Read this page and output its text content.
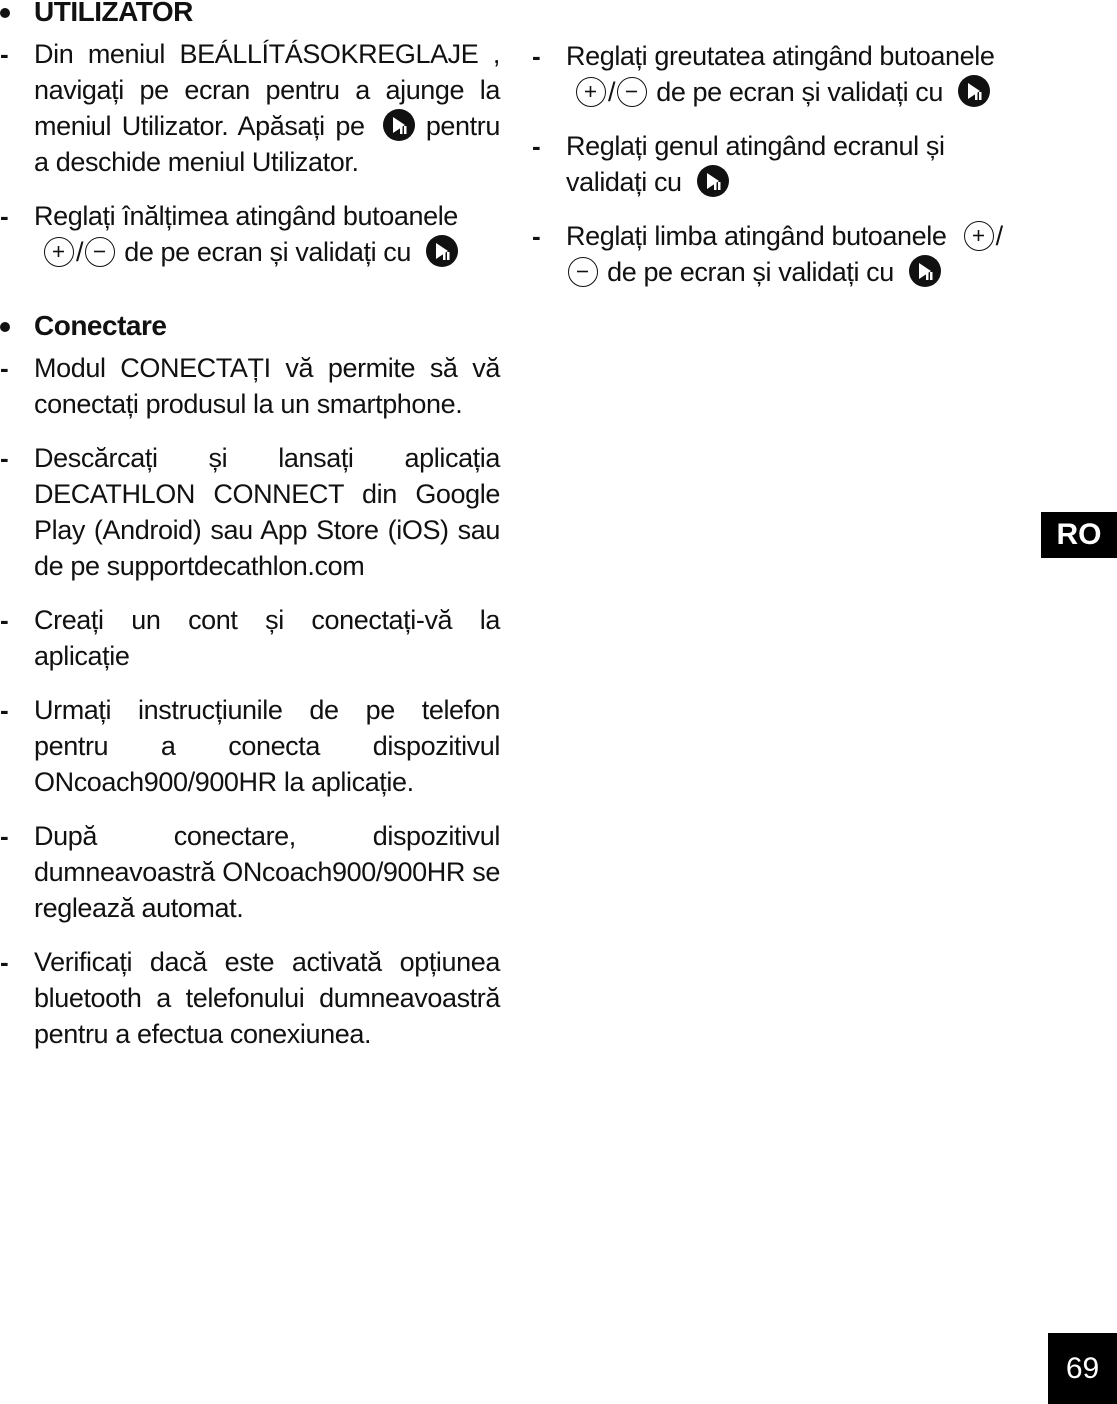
UTILIZATOR
- Din meniul BEÁLLÍTÁSOKREGLAJE , navigați pe ecran pentru a ajunge la meniul Utilizator. Apăsați pe pentru a deschide meniul Utilizator.
- Reglați înălțimea atingând butoanele
/ de pe ecran și validați cu
Conectare
- Modul CONECTAȚI vă permite să vă conectați produsul la un smartphone.
- Descărcați și lansați aplicația DECATHLON CONNECT din Google Play (Android) sau App Store (iOS) sau de pe supportdecathlon.com
- Creați un cont și conectați-vă la aplicație
- Urmați instrucțiunile de pe telefon pentru a conecta dispozitivul ONcoach900/900HR la aplicație.
- După conectare, dispozitivul dumneavoastră ONcoach900/900HR se reglează automat.
- Verificați dacă este activată opțiunea bluetooth a telefonului dumneavoastră pentru a efectua conexiunea.
- Reglați greutatea atingând butoanele
/ de pe ecran și validați cu
- Reglați genul atingând ecranul și validați cu
- Reglați limba atingând butoanele /
de pe ecran și validați cu
RO
69
